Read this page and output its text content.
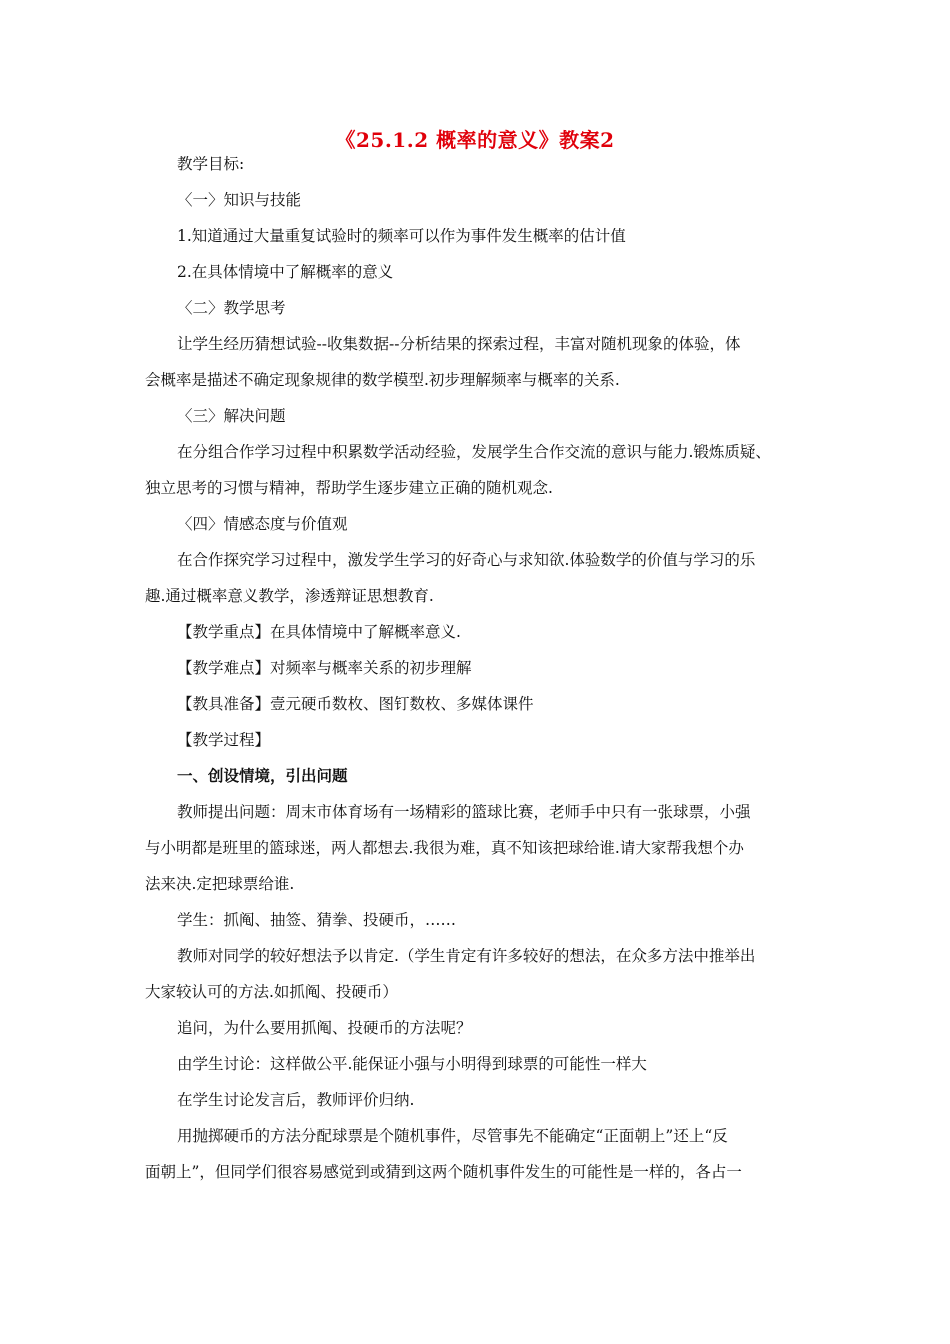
《25.1.2 概率的意义》教案2
教学目标:
〈一〉知识与技能
1.知道通过大量重复试验时的频率可以作为事件发生概率的估计值
2.在具体情境中了解概率的意义
〈二〉教学思考
让学生经历猜想试验--收集数据--分析结果的探索过程，丰富对随机现象的体验，体
会概率是描述不确定现象规律的数学模型.初步理解频率与概率的关系.
〈三〉解决问题
在分组合作学习过程中积累数学活动经验，发展学生合作交流的意识与能力.锻炼质疑、
独立思考的习惯与精神，帮助学生逐步建立正确的随机观念.
〈四〉情感态度与价值观
在合作探究学习过程中，激发学生学习的好奇心与求知欲.体验数学的价值与学习的乐
趣.通过概率意义教学，渗透辩证思想教育.
【教学重点】在具体情境中了解概率意义.
【教学难点】对频率与概率关系的初步理解
【教具准备】壹元硬币数枚、图钉数枚、多媒体课件
【教学过程】
一、创设情境，引出问题
教师提出问题：周末市体育场有一场精彩的篮球比赛，老师手中只有一张球票，小强
与小明都是班里的篮球迷，两人都想去.我很为难，真不知该把球给谁.请大家帮我想个办
法来决.定把球票给谁.
学生：抓阄、抽签、猜拳、投硬币，……
教师对同学的较好想法予以肯定.（学生肯定有许多较好的想法，在众多方法中推举出
大家较认可的方法.如抓阄、投硬币）
追问，为什么要用抓阄、投硬币的方法呢？
由学生讨论：这样做公平.能保证小强与小明得到球票的可能性一样大
在学生讨论发言后，教师评价归纳.
用抛掷硬币的方法分配球票是个随机事件，尽管事先不能确定“正面朝上”还上“反
面朝上”，但同学们很容易感觉到或猜到这两个随机事件发生的可能性是一样的，各占一
